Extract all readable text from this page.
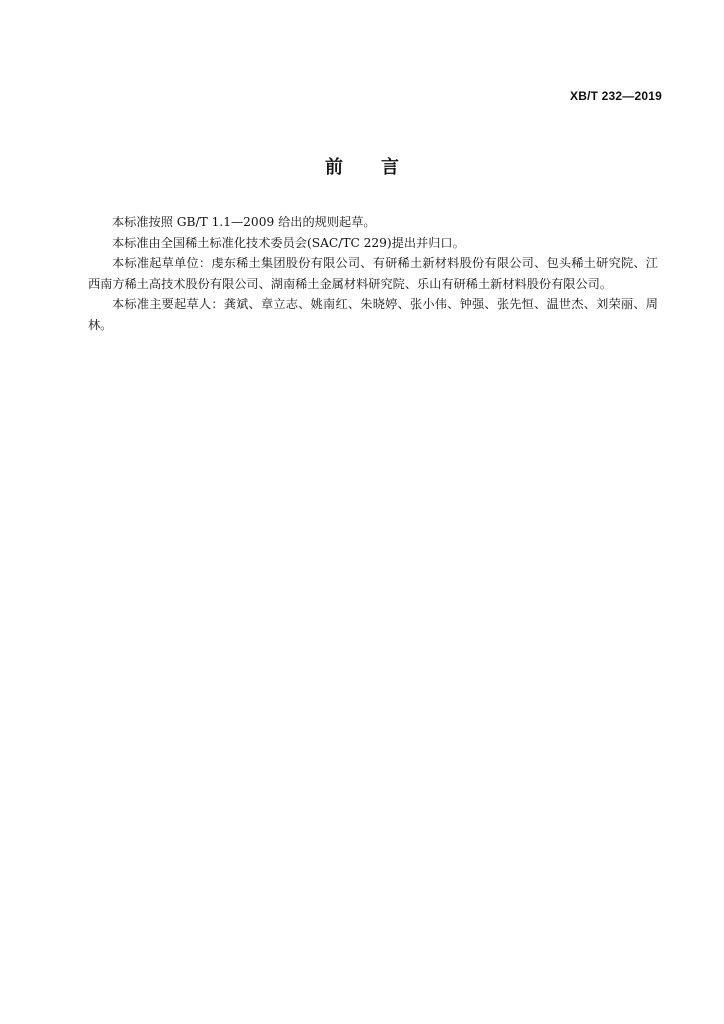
XB/T 232—2019
前言

本标准按照 GB/T 1.1—2009 给出的规则起草。

本标准由全国稀土标准化技术委员会(SAC/TC 229)提出并归口。

本标准起草单位：虔东稀土集团股份有限公司、有研稀土新材料股份有限公司、包头稀土研究院、江西南方稀土高技术股份有限公司、湖南稀土金属材料研究院、乐山有研稀土新材料股份有限公司。

本标准主要起草人：龚斌、章立志、姚南红、朱晓婷、张小伟、钟强、张先恒、温世杰、刘荣丽、周林。
